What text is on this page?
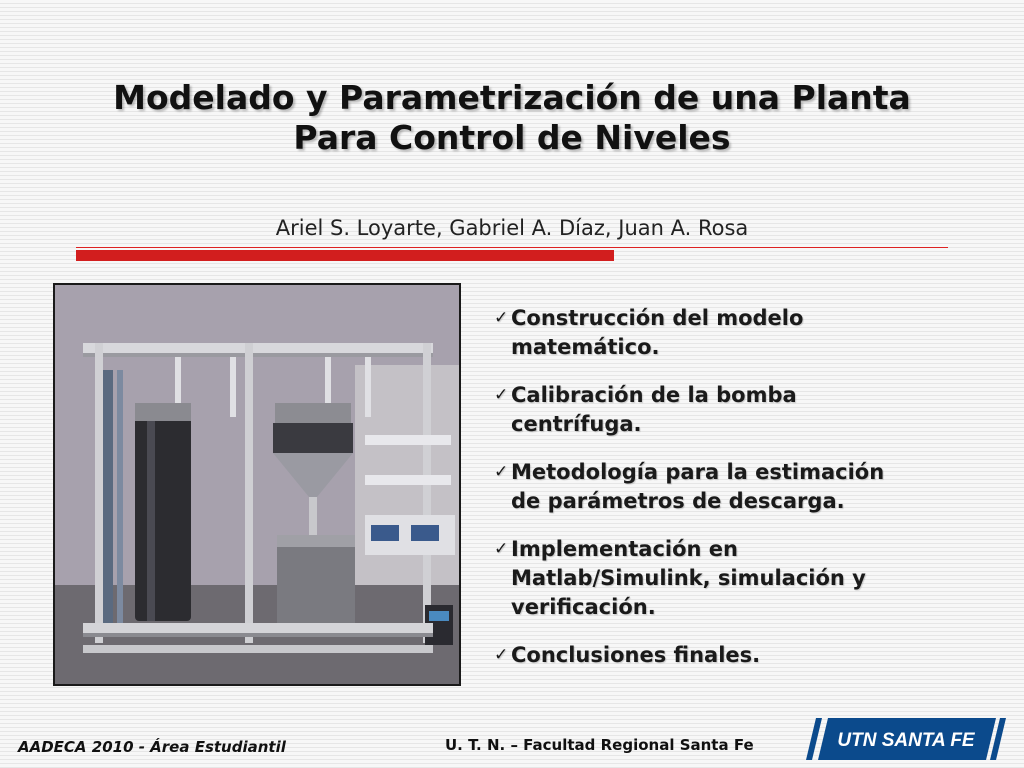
Modelado y Parametrización de una Planta
Para Control de Niveles
Ariel S. Loyarte, Gabriel A. Díaz, Juan A. Rosa
✓ Construcción del modelo
matemático.
✓ Calibración de la bomba
centrífuga.
✓ Metodología para la estimación
de parámetros de descarga.
✓ Implementación en
Matlab/Simulink, simulación y
verificación.
✓ Conclusiones finales.
AADECA 2010 - Área Estudiantil	U. T. N. – Facultad Regional Santa Fe	UTN SANTA FE
